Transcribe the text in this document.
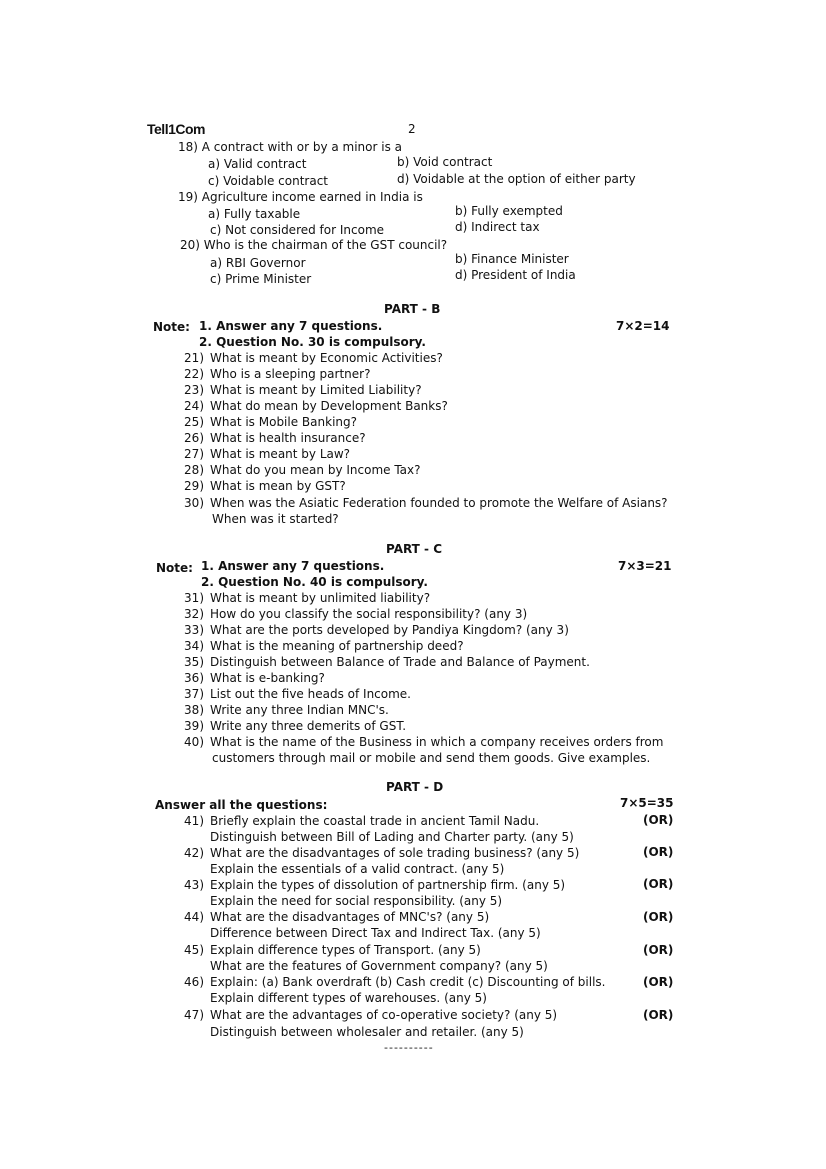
Tell1Com	2
18) A contract with or by a minor is a
a) Valid contract	b) Void contract
c) Voidable contract	d) Voidable at the option of either party
19) Agriculture income earned in India is
a) Fully taxable	b) Fully exempted
c) Not considered for Income	d) Indirect tax
20) Who is the chairman of the GST council?
a) RBI Governor	b) Finance Minister
c) Prime Minister	d) President of India
PART - B
Note: 1. Answer any 7 questions.
2. Question No. 30 is compulsory.
7×2=14
21) What is meant by Economic Activities?
22) Who is a sleeping partner?
23) What is meant by Limited Liability?
24) What do mean by Development Banks?
25) What is Mobile Banking?
26) What is health insurance?
27) What is meant by Law?
28) What do you mean by Income Tax?
29) What is mean by GST?
30) When was the Asiatic Federation founded to promote the Welfare of Asians?
When was it started?
PART - C
Note: 1. Answer any 7 questions.
2. Question No. 40 is compulsory.
7×3=21
31) What is meant by unlimited liability?
32) How do you classify the social responsibility? (any 3)
33) What are the ports developed by Pandiya Kingdom? (any 3)
34) What is the meaning of partnership deed?
35) Distinguish between Balance of Trade and Balance of Payment.
36) What is e-banking?
37) List out the five heads of Income.
38) Write any three Indian MNC's.
39) Write any three demerits of GST.
40) What is the name of the Business in which a company receives orders from
customers through mail or mobile and send them goods. Give examples.
PART - D
Answer all the questions:	7×5=35
41) Briefly explain the coastal trade in ancient Tamil Nadu.	(OR)
Distinguish between Bill of Lading and Charter party. (any 5)
42) What are the disadvantages of sole trading business? (any 5)	(OR)
Explain the essentials of a valid contract. (any 5)
43) Explain the types of dissolution of partnership firm. (any 5)	(OR)
Explain the need for social responsibility. (any 5)
44) What are the disadvantages of MNC's? (any 5)	(OR)
Difference between Direct Tax and Indirect Tax. (any 5)
45) Explain difference types of Transport. (any 5)	(OR)
What are the features of Government company? (any 5)
46) Explain: (a) Bank overdraft (b) Cash credit (c) Discounting of bills.	(OR)
Explain different types of warehouses. (any 5)
47) What are the advantages of co-operative society? (any 5)	(OR)
Distinguish between wholesaler and retailer. (any 5)
----------
